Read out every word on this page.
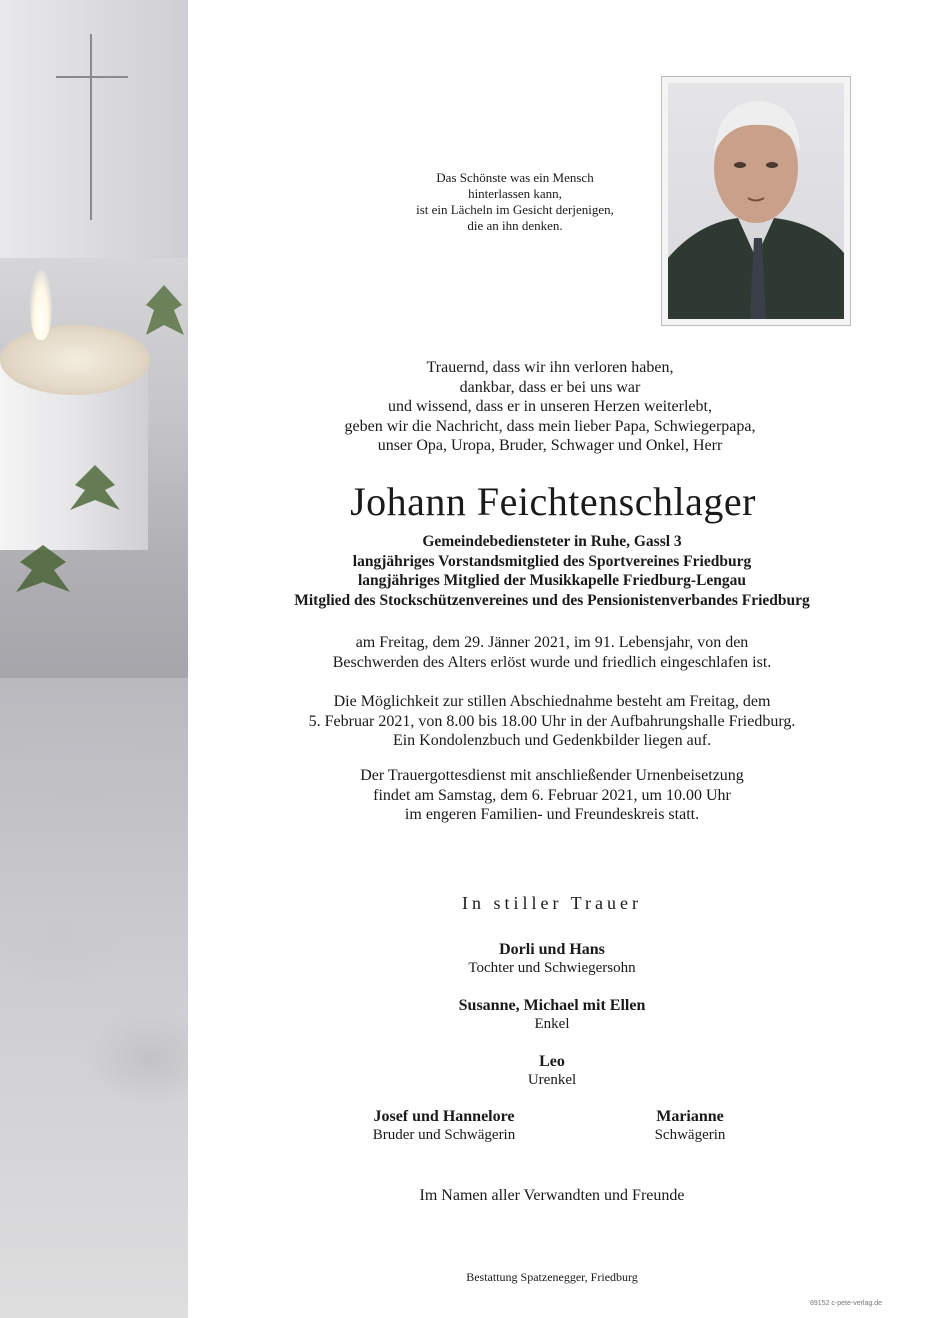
Das Schönste was ein Mensch
hinterlassen kann,
ist ein Lächeln im Gesicht derjenigen,
die an ihn denken.
Trauernd, dass wir ihn verloren haben,
dankbar, dass er bei uns war
und wissend, dass er in unseren Herzen weiterlebt,
geben wir die Nachricht, dass mein lieber Papa, Schwiegerpapa,
unser Opa, Uropa, Bruder, Schwager und Onkel, Herr
Johann Feichtenschlager
Gemeindebediensteter in Ruhe, Gassl 3
langjähriges Vorstandsmitglied des Sportvereines Friedburg
langjähriges Mitglied der Musikkapelle Friedburg-Lengau
Mitglied des Stockschützenvereines und des Pensionistenverbandes Friedburg
am Freitag, dem 29. Jänner 2021, im 91. Lebensjahr, von den
Beschwerden des Alters erlöst wurde und friedlich eingeschlafen ist.
Die Möglichkeit zur stillen Abschiednahme besteht am Freitag, dem
5. Februar 2021, von 8.00 bis 18.00 Uhr in der Aufbahrungshalle Friedburg.
Ein Kondolenzbuch und Gedenkbilder liegen auf.
Der Trauergottesdienst mit anschließender Urnenbeisetzung
findet am Samstag, dem 6. Februar 2021, um 10.00 Uhr
im engeren Familien- und Freundeskreis statt.
In stiller Trauer
Dorli und Hans
Tochter und Schwiegersohn
Susanne, Michael mit Ellen
Enkel
Leo
Urenkel
Josef und Hannelore
Bruder und Schwägerin
Marianne
Schwägerin
Im Namen aller Verwandten und Freunde
Bestattung Spatzenegger, Friedburg
89152 c-pete-verlag.de
